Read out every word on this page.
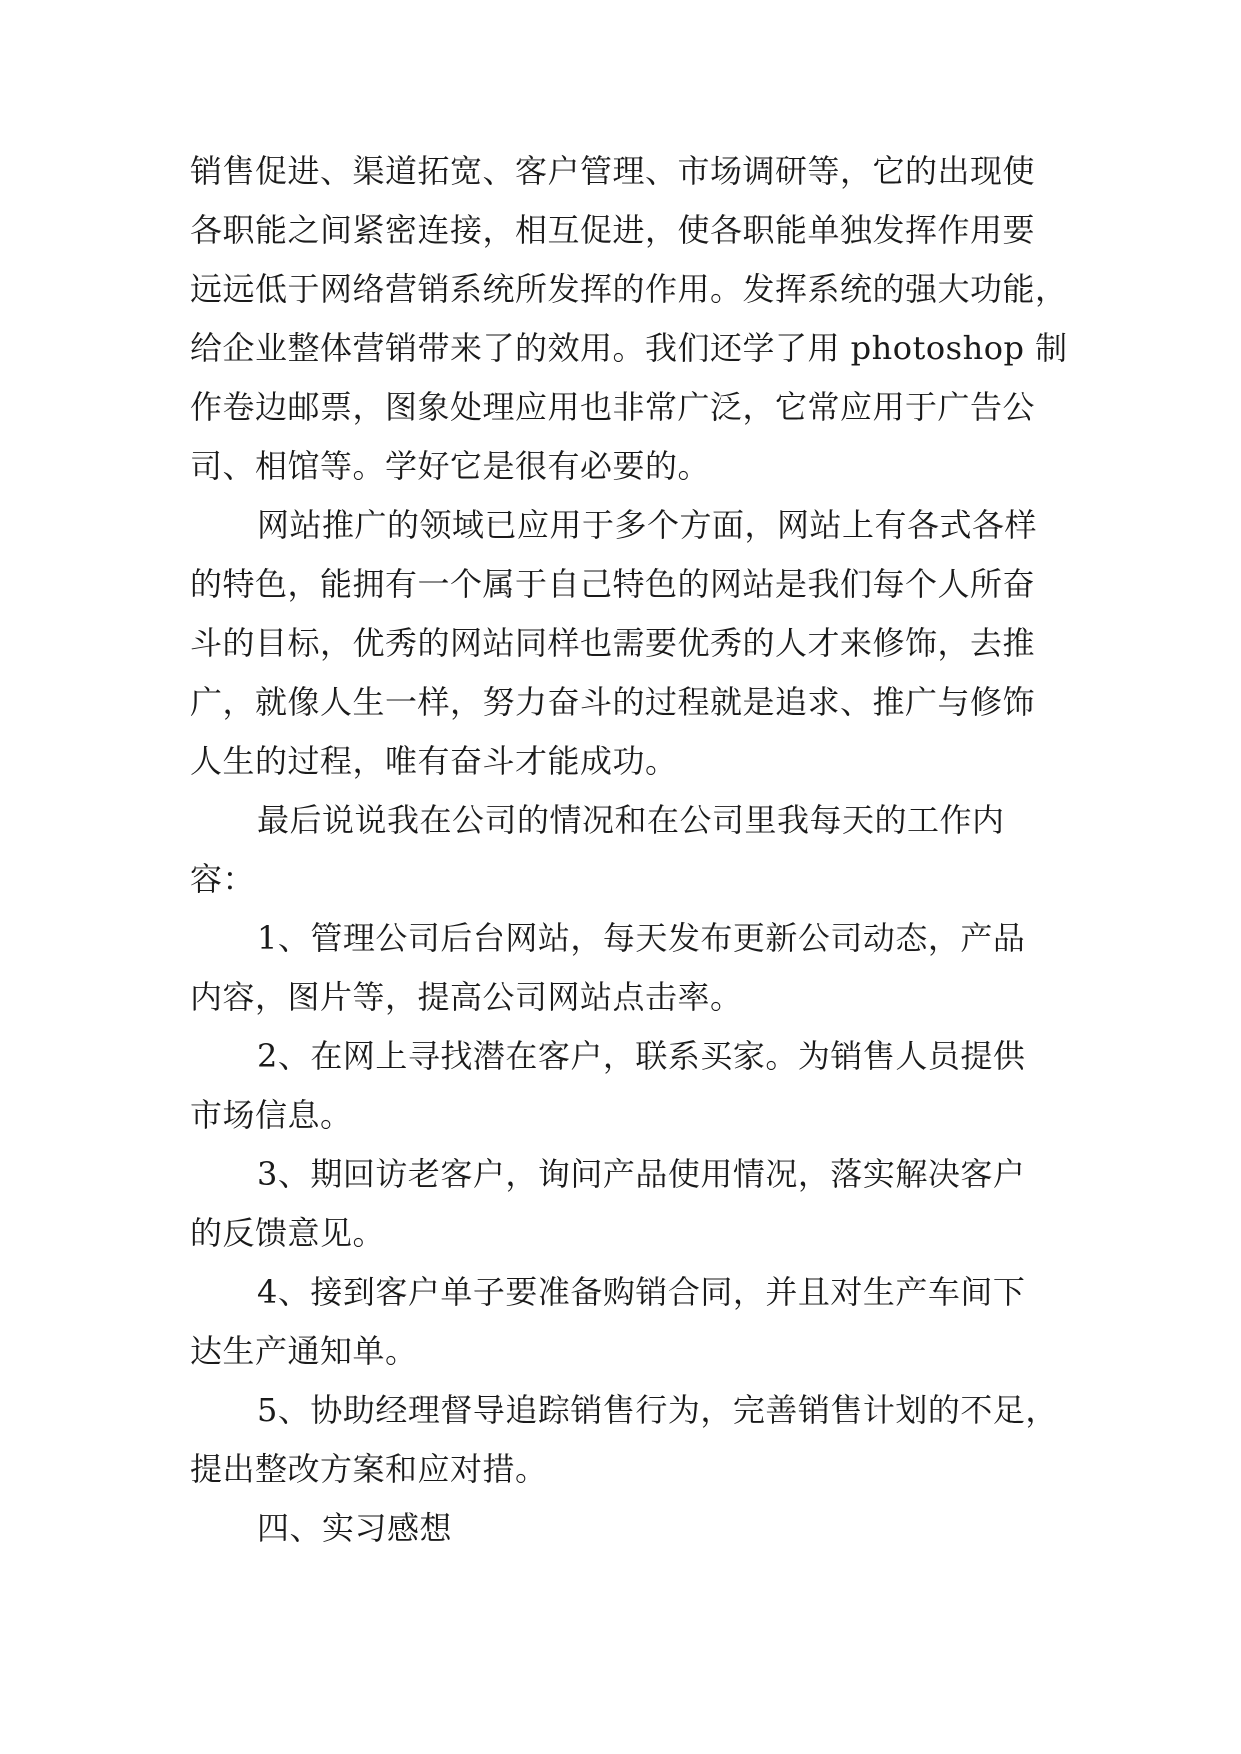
销售促进、渠道拓宽、客户管理、市场调研等，它的出现使
各职能之间紧密连接，相互促进，使各职能单独发挥作用要
远远低于网络营销系统所发挥的作用。发挥系统的强大功能，
给企业整体营销带来了的效用。我们还学了用 photoshop 制
作卷边邮票，图象处理应用也非常广泛，它常应用于广告公
司、相馆等。学好它是很有必要的。
网站推广的领域已应用于多个方面，网站上有各式各样
的特色，能拥有一个属于自己特色的网站是我们每个人所奋
斗的目标，优秀的网站同样也需要优秀的人才来修饰，去推
广，就像人生一样，努力奋斗的过程就是追求、推广与修饰
人生的过程，唯有奋斗才能成功。
最后说说我在公司的情况和在公司里我每天的工作内
容：
1、管理公司后台网站，每天发布更新公司动态，产品
内容，图片等，提高公司网站点击率。
2、在网上寻找潜在客户，联系买家。为销售人员提供
市场信息。
3、期回访老客户，询问产品使用情况，落实解决客户
的反馈意见。
4、接到客户单子要准备购销合同，并且对生产车间下
达生产通知单。
5、协助经理督导追踪销售行为，完善销售计划的不足，
提出整改方案和应对措。
四、实习感想
